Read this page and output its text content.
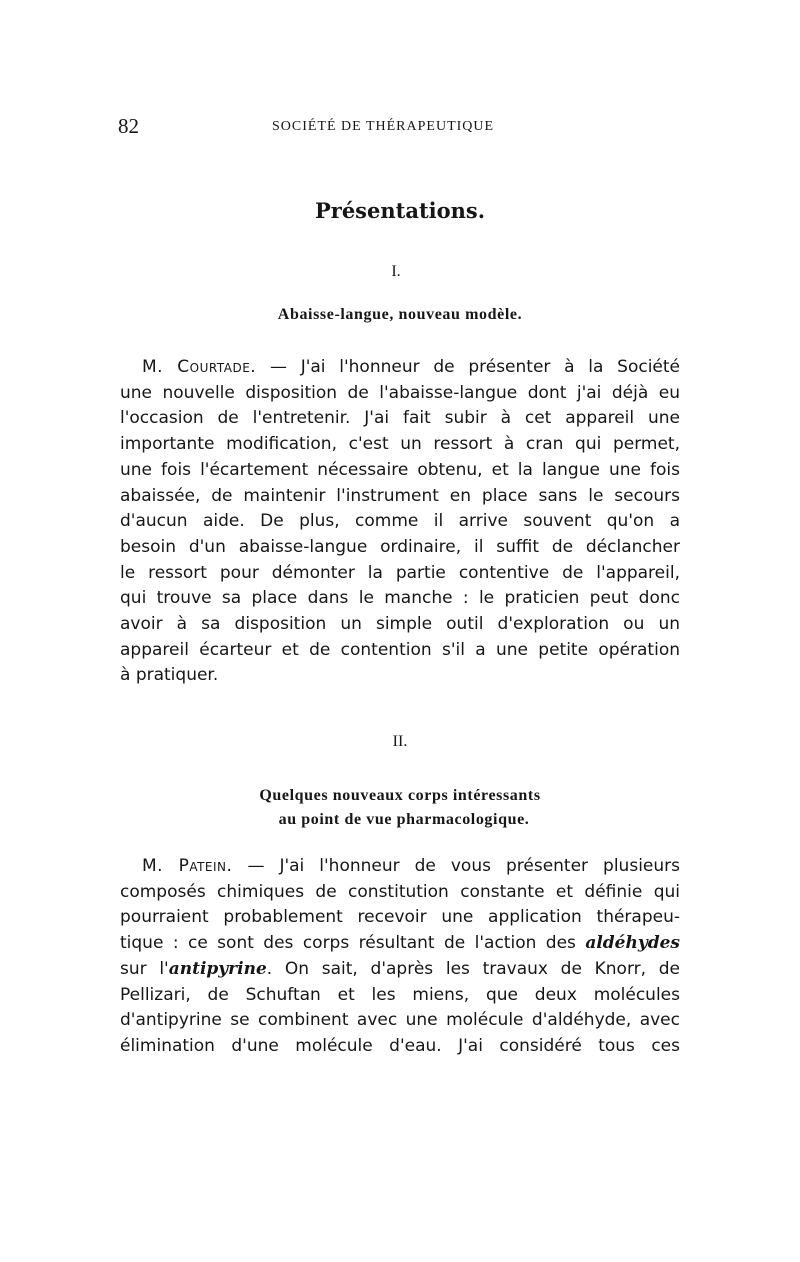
82	SOCIÉTÉ DE THÉRAPEUTIQUE
Présentations.
I.
Abaisse-langue, nouveau modèle.
M. Courtade. — J'ai l'honneur de présenter à la Société
une nouvelle disposition de l'abaisse-langue dont j'ai déjà eu
l'occasion de l'entretenir. J'ai fait subir à cet appareil une
importante modification, c'est un ressort à cran qui permet,
une fois l'écartement nécessaire obtenu, et la langue une fois
abaissée, de maintenir l'instrument en place sans le secours
d'aucun aide. De plus, comme il arrive souvent qu'on a
besoin d'un abaisse-langue ordinaire, il suffit de déclancher
le ressort pour démonter la partie contentive de l'appareil,
qui trouve sa place dans le manche : le praticien peut donc
avoir à sa disposition un simple outil d'exploration ou un
appareil écarteur et de contention s'il a une petite opération
à pratiquer.
II.
Quelques nouveaux corps intéressants
au point de vue pharmacologique.
M. Patein. — J'ai l'honneur de vous présenter plusieurs
composés chimiques de constitution constante et définie qui
pourraient probablement recevoir une application thérapeu-
tique : ce sont des corps résultant de l'action des aldéhydes
sur l'antipyrine. On sait, d'après les travaux de Knorr, de
Pellizari, de Schuftan et les miens, que deux molécules
d'antipyrine se combinent avec une molécule d'aldéhyde, avec
élimination d'une molécule d'eau. J'ai considéré tous ces
